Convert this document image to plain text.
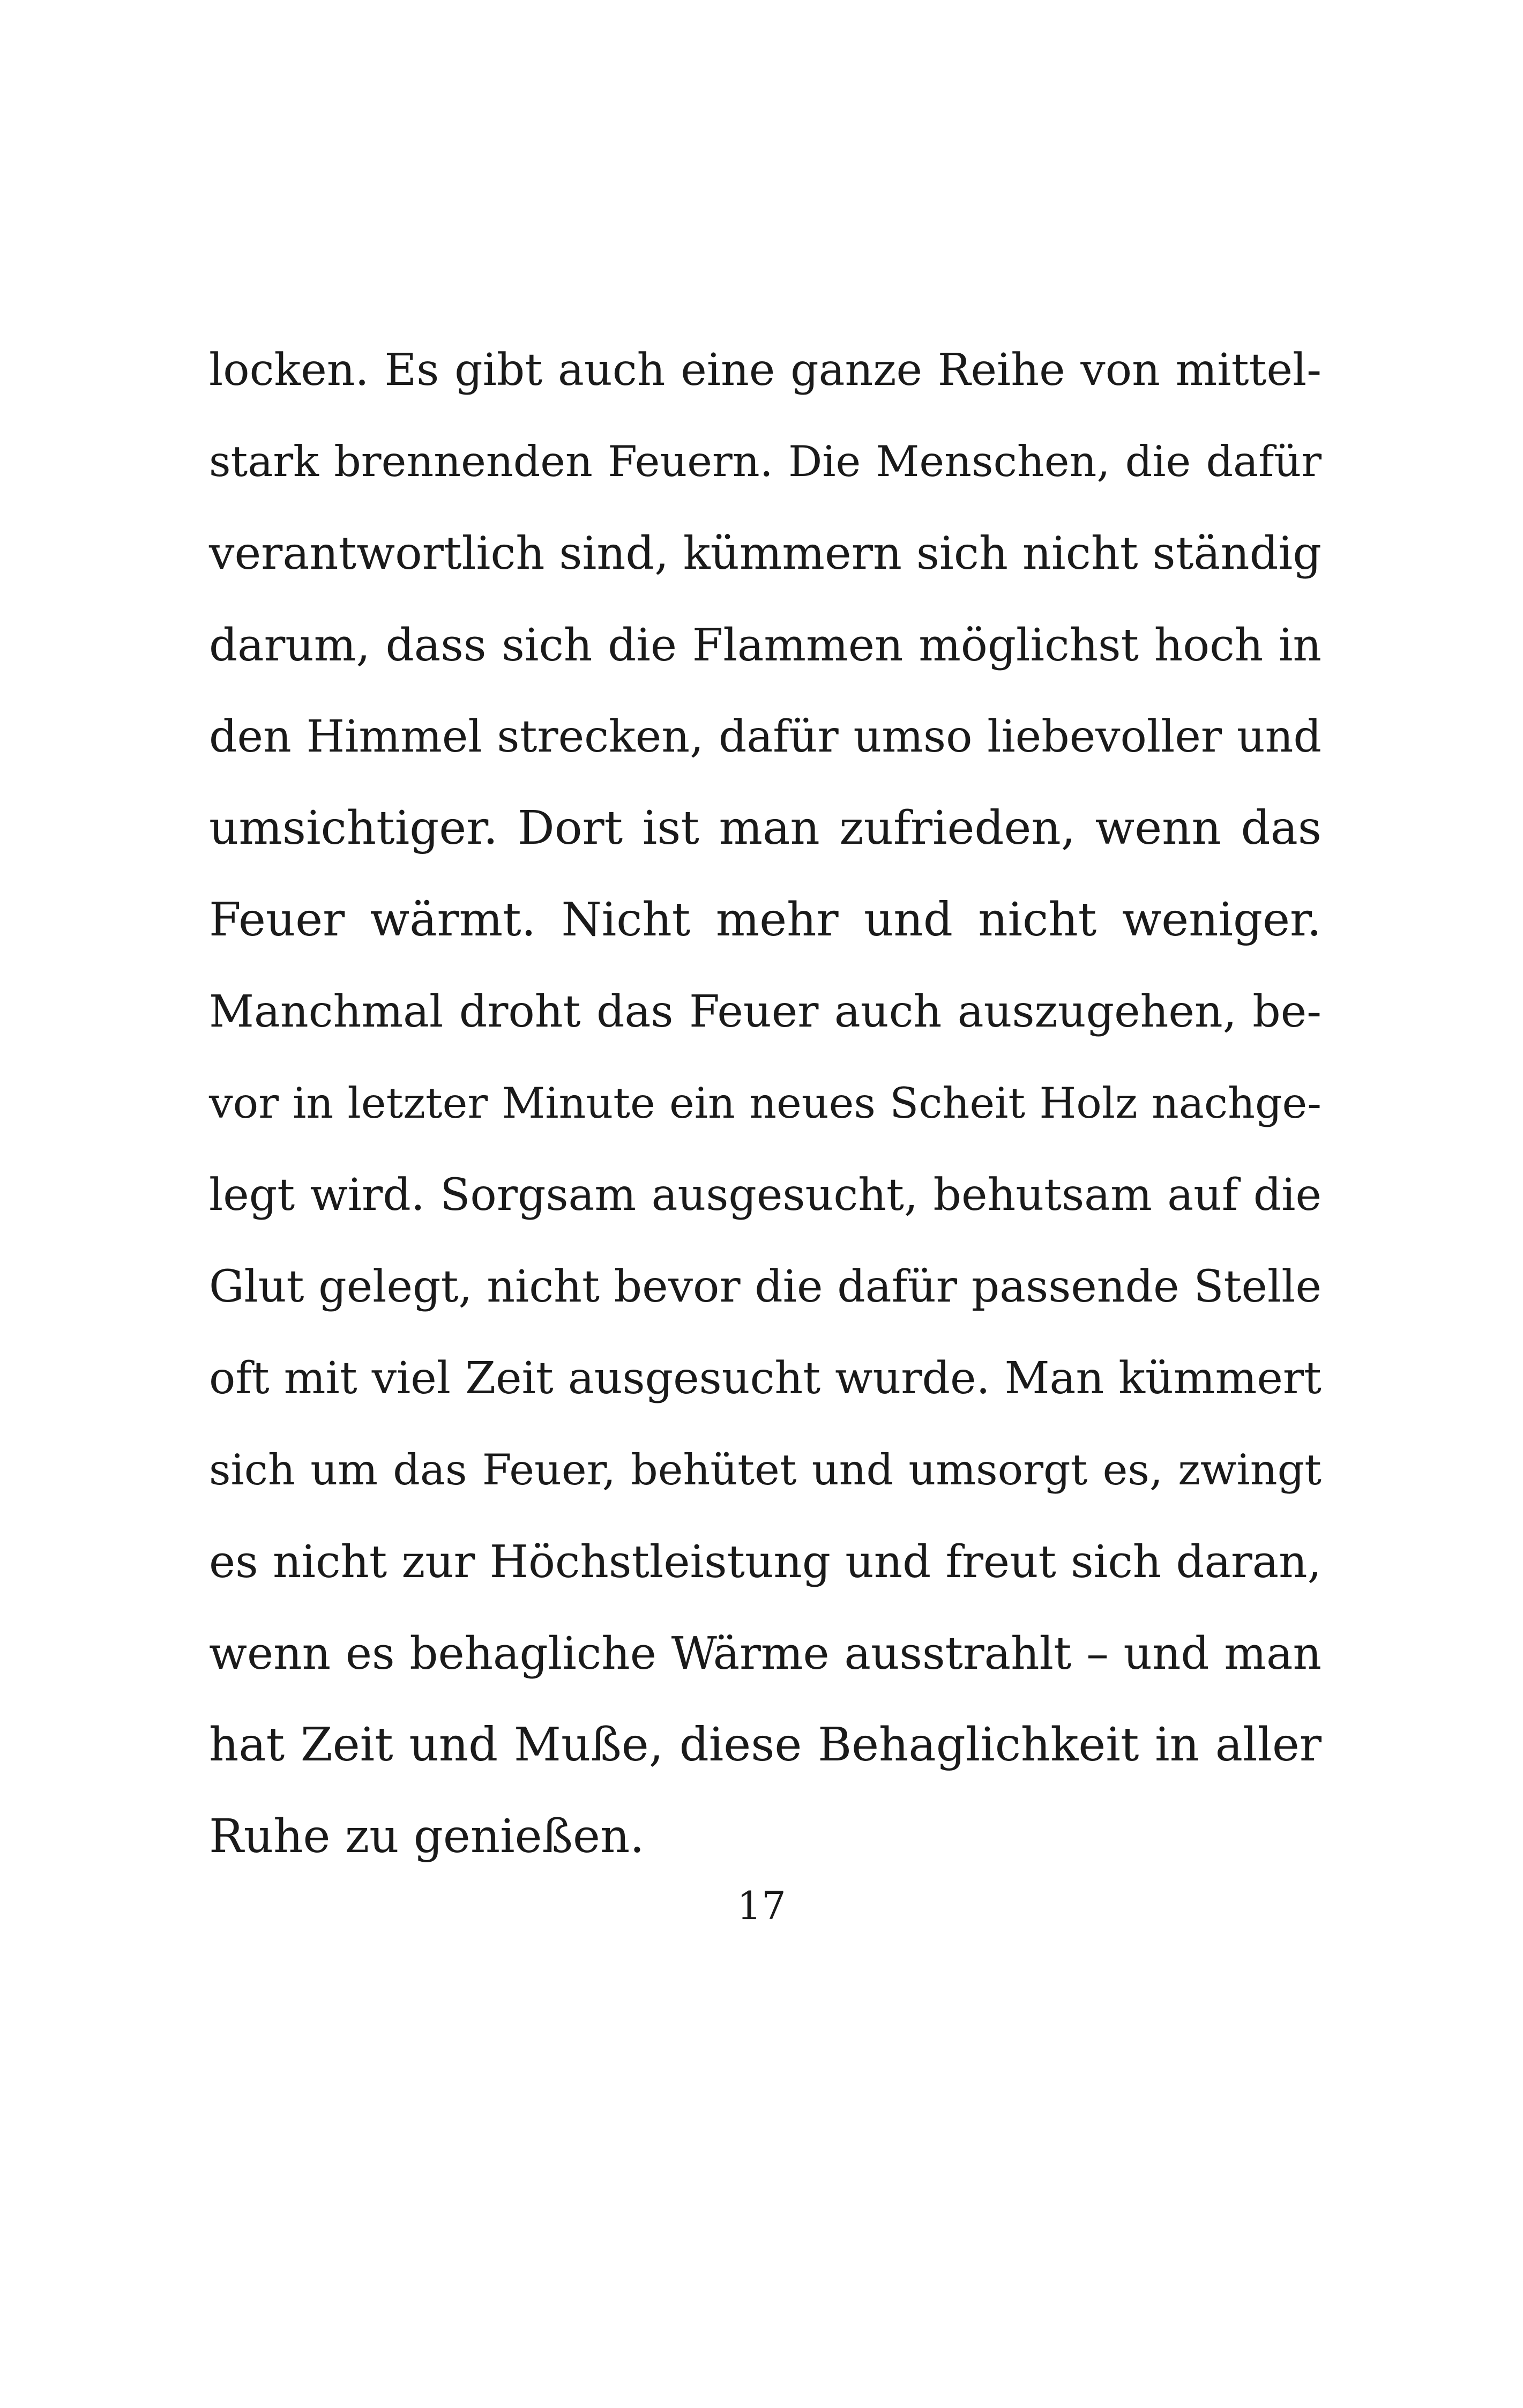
locken. Es gibt auch eine ganze Reihe von mittel-
stark brennenden Feuern. Die Menschen, die dafür
verantwortlich sind, kümmern sich nicht ständig
darum, dass sich die Flammen möglichst hoch in
den Himmel strecken, dafür umso liebevoller und
umsichtiger. Dort ist man zufrieden, wenn das
Feuer wärmt. Nicht mehr und nicht weniger.
Manchmal droht das Feuer auch auszugehen, be-
vor in letzter Minute ein neues Scheit Holz nachge-
legt wird. Sorgsam ausgesucht, behutsam auf die
Glut gelegt, nicht bevor die dafür passende Stelle
oft mit viel Zeit ausgesucht wurde. Man kümmert
sich um das Feuer, behütet und umsorgt es, zwingt
es nicht zur Höchstleistung und freut sich daran,
wenn es behagliche Wärme ausstrahlt – und man
hat Zeit und Muße, diese Behaglichkeit in aller
Ruhe zu genießen.
17
